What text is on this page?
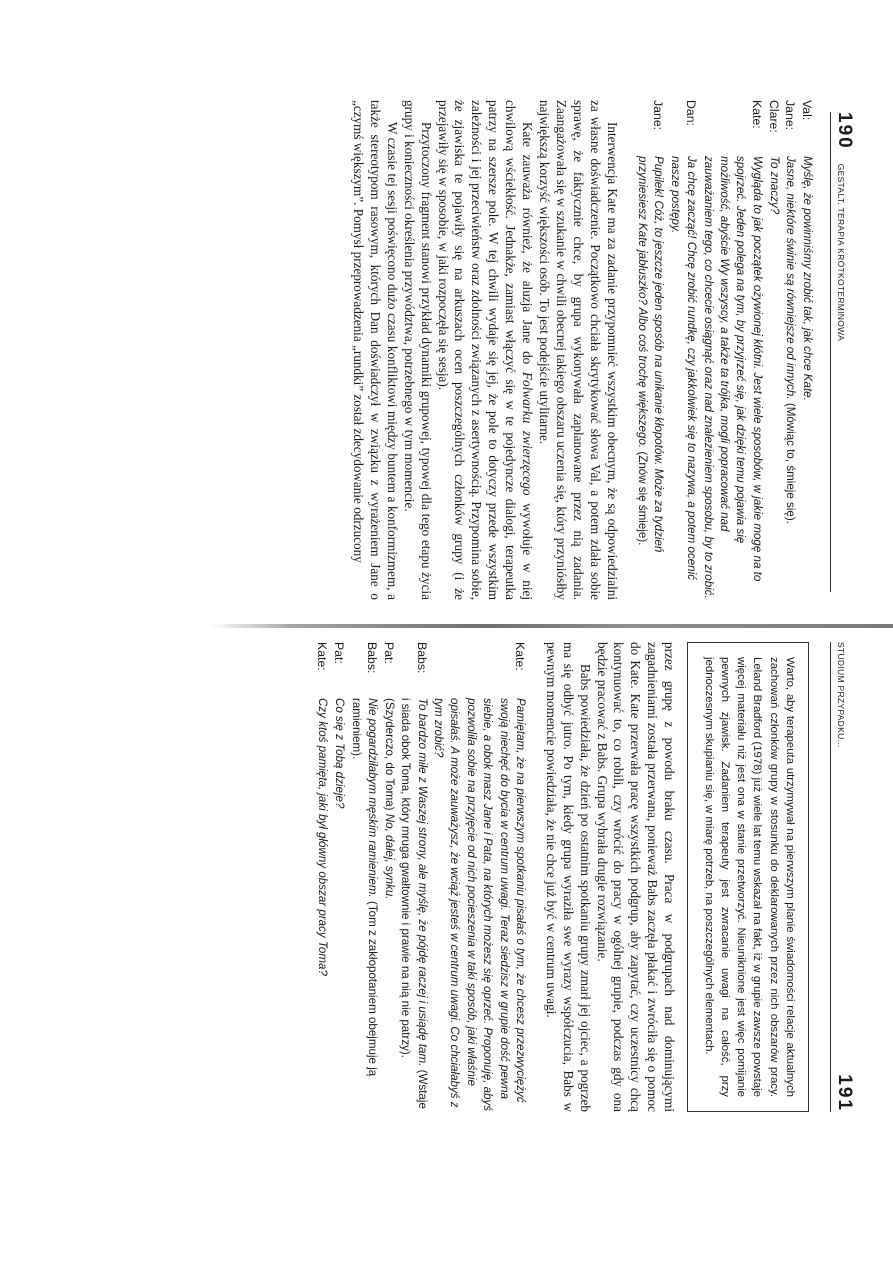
190
GESTALT. TERAPIA KRÓTKOTERMINOWA
Val:
Myślę, że powinniśmy zrobić tak, jak chce Kate.
Jane:
Jasne, niektóre świnie są równiejsze od innych. (Mówiąc to, śmieje się).
Clare:
To znaczy?
Kate:
Wygląda to jak początek ożywionej kłótni. Jest wiele sposobów, w jakie mogę na to spojrzeć. Jeden polega na tym, by przyjrzeć się, jak dzięki temu pojawia się możliwość, abyście Wy wszyscy, a także ta trójka, mogli popracować nad zauważaniem tego, co chcecie osiągnąć oraz nad znalezieniem sposobu, by to zrobić.
Dan:
Ja chcę zacząć! Chcę zrobić rundkę, czy jakkolwiek się to nazywa, a potem ocenić nasze postępy.
Jane:
Pupilek! Cóż, to jeszcze jeden sposób na unikanie kłopotów. Może za tydzień przyniesiesz Kate jabłuszko? Albo coś trochę większego. (Znów się śmieje).

Interwencja Kate ma za zadanie przypomnieć wszystkim obecnym, że są odpowiedzialni za własne doświadczenie. Początkowo chciała skrytykować słowa Val, a potem zdała sobie sprawę, że faktycznie chce, by grupa wykonywała zaplanowane przez nią zadania. Zaangażowała się w szukanie w chwili obecnej takiego obszaru uczenia się, który przyniósłby największą korzyść większości osób. To jest podejście utylitarne.

Kate zauważa również, że aluzja Jane do Folwarku zwierzęcego wywołuje w niej chwilową wściekłość. Jednakże, zamiast włączyć się w te pojedyncze dialogi, terapeutka patrzy na szersze pole. W tej chwili wydaje się jej, że pole to dotyczy przede wszystkim zależności i jej przeciwieństw oraz zdolności związanych z asertywnością. Przypomina sobie, że zjawiska te pojawiły się na arkuszach ocen poszczególnych członków grupy (i że przejawiły się w sposobie, w jaki rozpoczęła się sesja).

Przytoczony fragment stanowi przykład dynamiki grupowej, typowej dla tego etapu życia grupy i konieczności określenia przywództwa, potrzebnego w tym momencie.

W czasie tej sesji poświęcono dużo czasu konfliktowi między buntem a konformizmem, a także stereotypom rasowym, których Dan doświadczył w związku z wyrażeniem Jane o „czymś większym”. Pomysł przeprowadzenia „rundki” został zdecydowanie odrzucony

STUDIUM PRZYPADKU...
191
Warto, aby terapeuta utrzymywał na pierwszym planie świadomości relacje aktualnych zachowań członków grupy w stosunku do deklarowanych przez nich obszarów pracy. Leland Bradford (1978) już wiele lat temu wskazał na fakt, iż w grupie zawsze powstaje więcej materiału niż jest ona w stanie przetworzyć. Nieuniknione jest więc pomijanie pewnych zjawisk. Zadaniem terapeuty jest zwracanie uwagi na całość, przy jednoczesnym skupianiu się, w miarę potrzeb, na poszczególnych elementach.

przez grupę z powodu braku czasu. Praca w podgrupach nad dominującymi zagadnieniami została przerwana, ponieważ Babs zaczęła płakać i zwróciła się o pomoc do Kate. Kate przerwała pracę wszystkich podgrup, aby zapytać, czy uczestnicy chcą kontynuować to, co robili, czy wrócić do pracy w ogólnej grupie, podczas gdy ona będzie pracować z Babs. Grupa wybrała drugie rozwiązanie.

Babs powiedziała, że dzień po ostatnim spotkaniu grupy zmarł jej ojciec, a pogrzeb ma się odbyć jutro. Po tym, kiedy grupa wyraziła swe wyrazy współczucia, Babs w pewnym momencie powiedziała, że nie chce już być w centrum uwagi.

Kate:
Pamiętam, że na pierwszym spotkaniu pisałaś o tym, że chcesz przezwyciężyć swoją niechęć do bycia w centrum uwagi. Teraz siedzisz w grupie dość pewna siebie, a obok masz Jane i Pata, na których możesz się oprzeć. Proponuję, abyś pozwoliła sobie na przyjęcie od nich pocieszenia w taki sposób, jaki właśnie opisałaś. A może zauważysz, że wciąż jesteś w centrum uwagi. Co chciałabyś z tym zrobić?
Babs:
To bardzo miłe z Waszej strony, ale myślę, że pójdę raczej i usiądę tam. (Wstaje i siada obok Toma, który mruga gwałtownie i prawie na nią nie patrzy).
Pat:
(Szyderczo, do Toma) No, dalej, synku.
Babs:
Nie pogardziłabym męskim ramieniem. (Tom z zakłopotaniem obejmuje ją ramieniem).
Pat:
Co się z Tobą dzieje?
Kate:
Czy ktoś pamięta, jaki był główny obszar pracy Toma?
